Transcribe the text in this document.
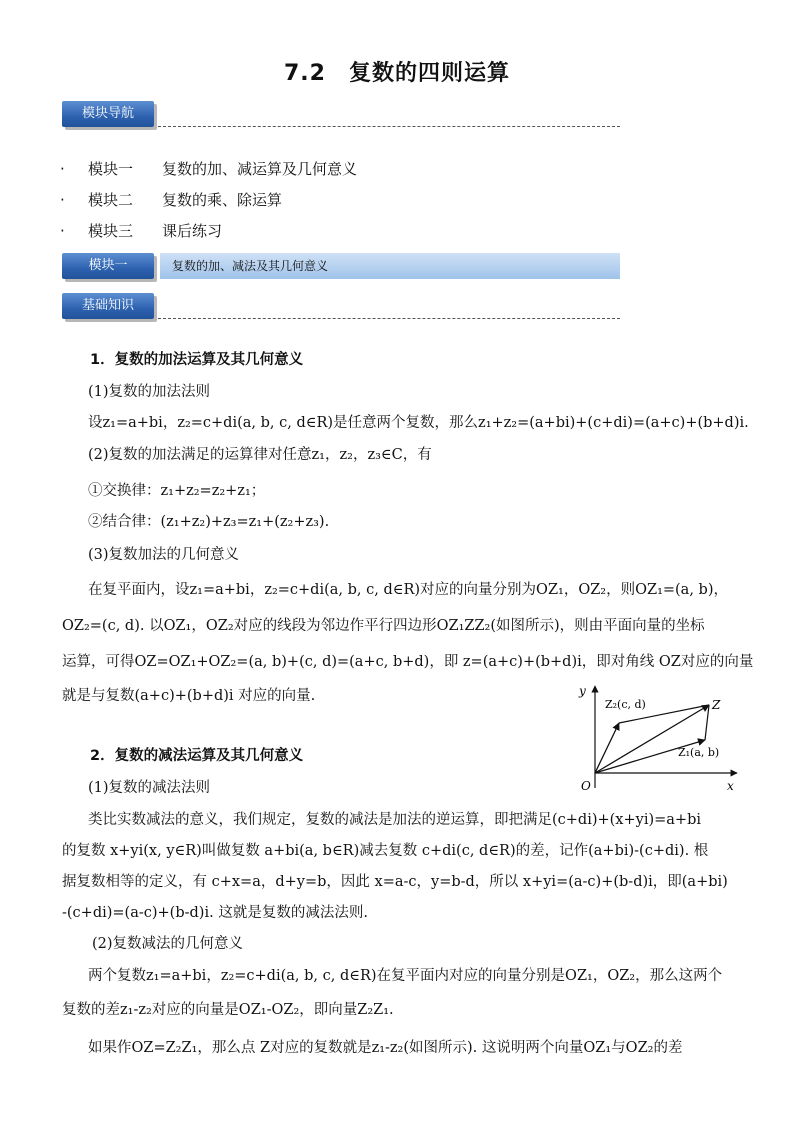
7.2　复数的四则运算
模块导航
· 模块一 复数的加、减运算及几何意义
· 模块二 复数的乘、除运算
· 模块三 课后练习
模块一	复数的加、减法及其几何意义
基础知识
1．复数的加法运算及其几何意义
(1)复数的加法法则
设z₁=a+bi，z₂=c+di(a, b, c, d∈R)是任意两个复数，那么z₁+z₂=(a+bi)+(c+di)=(a+c)+(b+d)i.
(2)复数的加法满足的运算律对任意z₁，z₂，z₃∈C，有
①交换律：z₁+z₂=z₂+z₁；
②结合律：(z₁+z₂)+z₃=z₁+(z₂+z₃).
(3)复数加法的几何意义
在复平面内，设z₁=a+bi，z₂=c+di(a, b, c, d∈R)对应的向量分别为OZ₁，OZ₂，则OZ₁=(a, b)，
OZ₂=(c, d). 以OZ₁，OZ₂对应的线段为邻边作平行四边形OZ₁ZZ₂(如图所示)，则由平面向量的坐标
运算，可得OZ=OZ₁+OZ₂=(a, b)+(c, d)=(a+c, b+d)，即 z=(a+c)+(b+d)i，即对角线 OZ对应的向量
就是与复数(a+c)+(b+d)i 对应的向量.
2．复数的减法运算及其几何意义
(1)复数的减法法则
类比实数减法的意义，我们规定，复数的减法是加法的逆运算，即把满足(c+di)+(x+yi)=a+bi
的复数 x+yi(x, y∈R)叫做复数 a+bi(a, b∈R)减去复数 c+di(c, d∈R)的差，记作(a+bi)-(c+di). 根
据复数相等的定义，有 c+x=a，d+y=b，因此 x=a-c，y=b-d，所以 x+yi=(a-c)+(b-d)i，即(a+bi)
-(c+di)=(a-c)+(b-d)i. 这就是复数的减法法则.
(2)复数减法的几何意义
两个复数z₁=a+bi，z₂=c+di(a, b, c, d∈R)在复平面内对应的向量分别是OZ₁，OZ₂，那么这两个
复数的差z₁-z₂对应的向量是OZ₁-OZ₂，即向量Z₂Z₁.
如果作OZ=Z₂Z₁，那么点 Z对应的复数就是z₁-z₂(如图所示). 这说明两个向量OZ₁与OZ₂的差
y
x
O
Z
Z₁(a, b)
Z₂(c, d)
